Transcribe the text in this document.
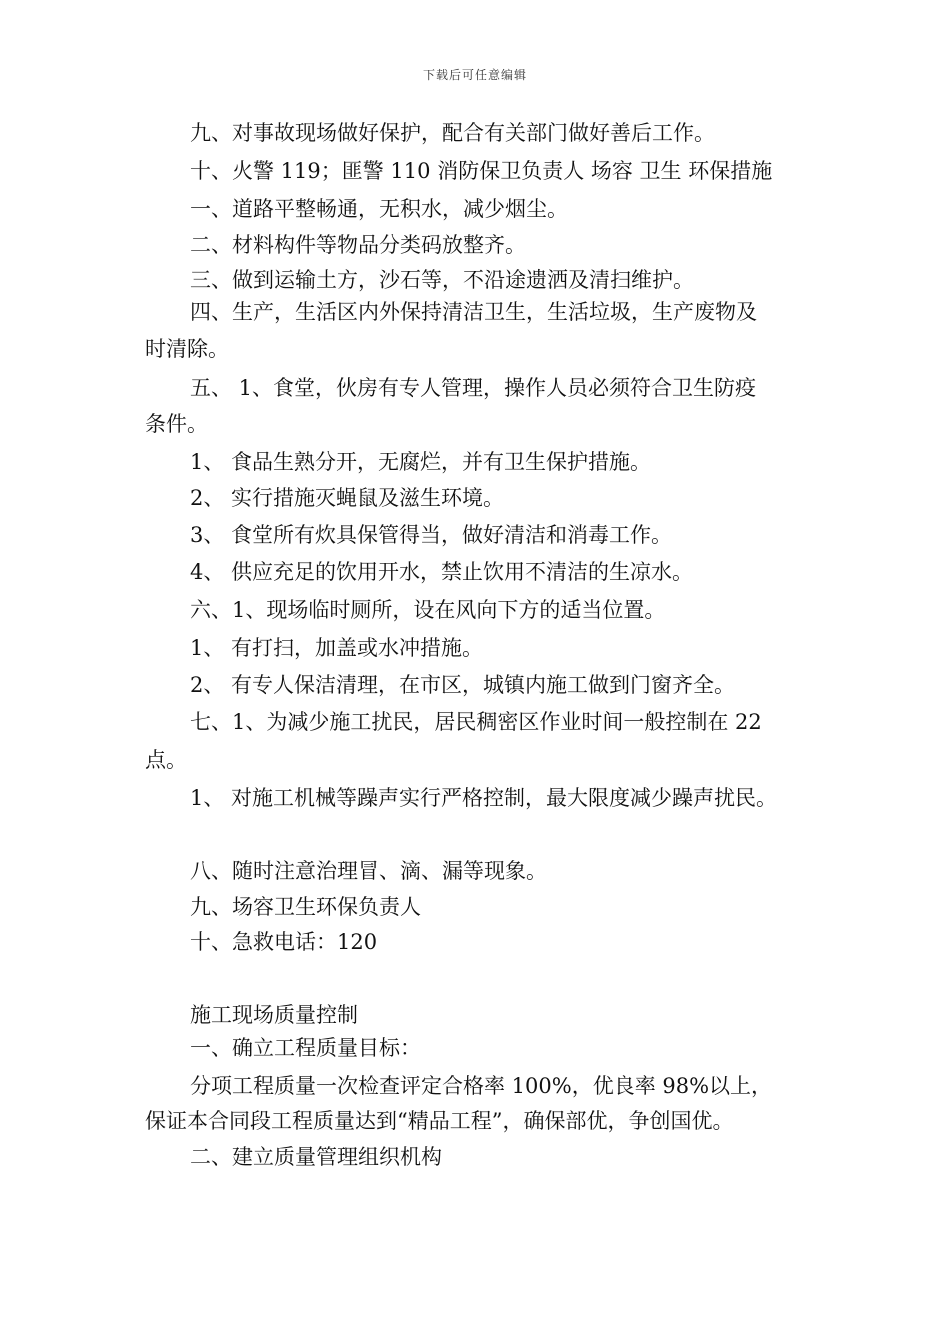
下载后可任意编辑
九、对事故现场做好保护，配合有关部门做好善后工作。
十、火警 119；匪警 110 消防保卫负责人 场容 卫生 环保措施
一、道路平整畅通，无积水，减少烟尘。
二、材料构件等物品分类码放整齐。
三、做到运输土方，沙石等，不沿途遗洒及清扫维护。
四、生产，生活区内外保持清洁卫生，生活垃圾，生产废物及
时清除。
五、 1、食堂，伙房有专人管理，操作人员必须符合卫生防疫
条件。
1、 食品生熟分开，无腐烂，并有卫生保护措施。
2、 实行措施灭蝇鼠及滋生环境。
3、 食堂所有炊具保管得当，做好清洁和消毒工作。
4、 供应充足的饮用开水，禁止饮用不清洁的生凉水。
六、1、现场临时厕所，设在风向下方的适当位置。
1、 有打扫，加盖或水冲措施。
2、 有专人保洁清理，在市区，城镇内施工做到门窗齐全。
七、1、为减少施工扰民，居民稠密区作业时间一般控制在 22
点。
1、 对施工机械等躁声实行严格控制，最大限度减少躁声扰民。
八、随时注意治理冒、滴、漏等现象。
九、场容卫生环保负责人
十、急救电话：120
施工现场质量控制
一、确立工程质量目标：
分项工程质量一次检查评定合格率 100%，优良率 98%以上，
保证本合同段工程质量达到“精品工程”，确保部优，争创国优。
二、建立质量管理组织机构
